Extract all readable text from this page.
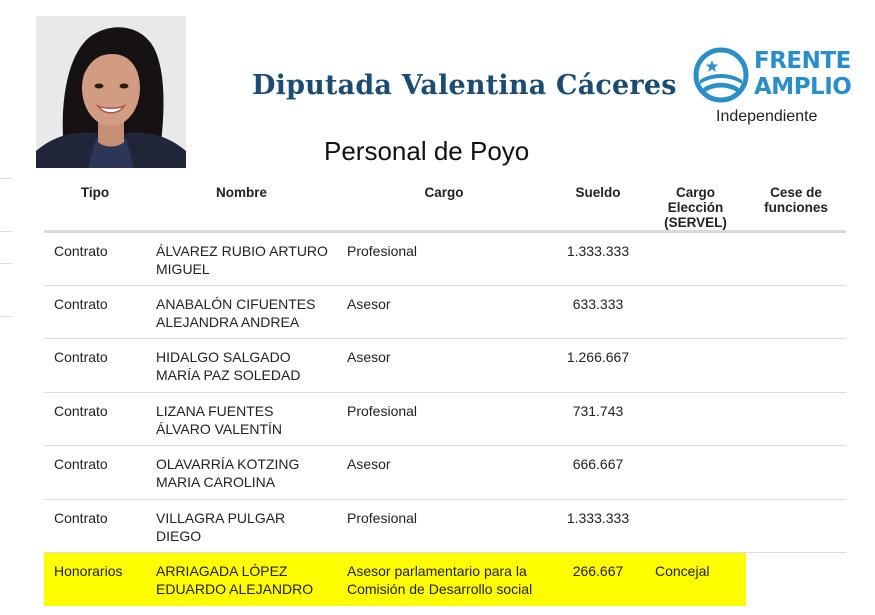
Diputada Valentina Cáceres
Personal de Poyo
FRENTE
AMPLIO
Independiente
Tipo	Nombre	Cargo	Sueldo	Cargo Elección (SERVEL)	Cese de funciones
Contrato	ÁLVAREZ RUBIO ARTURO MIGUEL	Profesional	1.333.333		
Contrato	ANABALÓN CIFUENTES ALEJANDRA ANDREA	Asesor	633.333		
Contrato	HIDALGO SALGADO MARÍA PAZ SOLEDAD	Asesor	1.266.667		
Contrato	LIZANA FUENTES ÁLVARO VALENTÍN	Profesional	731.743		
Contrato	OLAVARRÍA KOTZING MARIA CAROLINA	Asesor	666.667		
Contrato	VILLAGRA PULGAR DIEGO	Profesional	1.333.333		
Honorarios	ARRIAGADA LÓPEZ EDUARDO ALEJANDRO	Asesor parlamentario para la Comisión de Desarrollo social	266.667	Concejal	
